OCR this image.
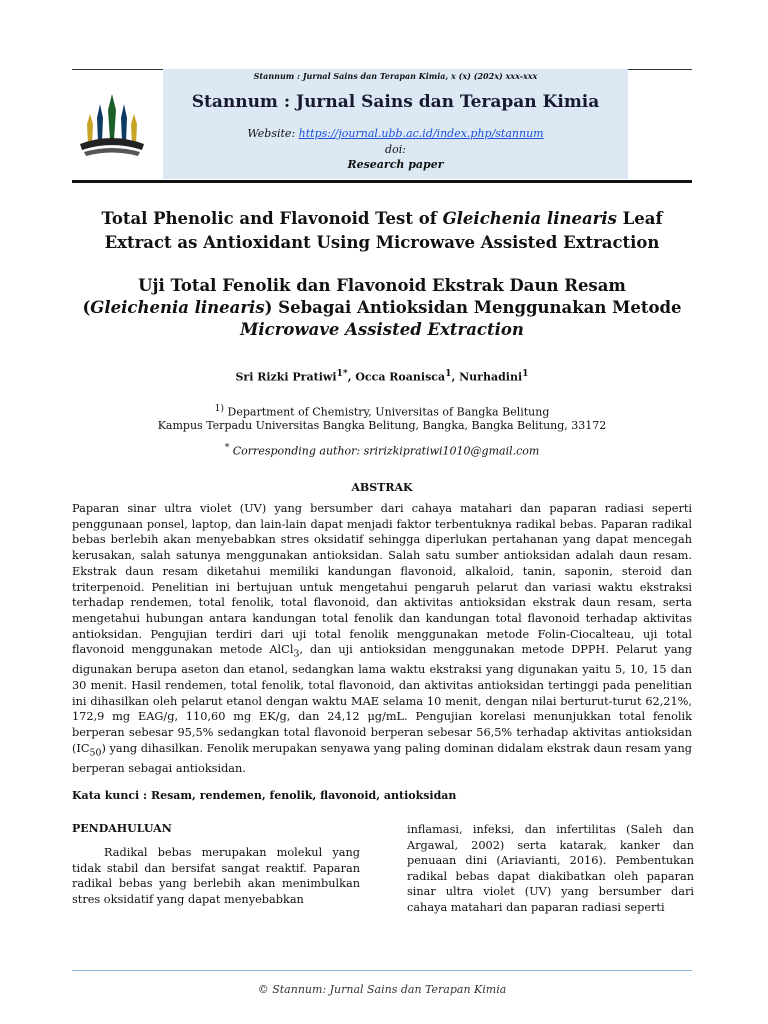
Stannum : Jurnal Sains dan Terapan Kimia, x (x) (202x) xxx-xxx
Stannum : Jurnal Sains dan Terapan Kimia
Website: https://journal.ubb.ac.id/index.php/stannum
doi:
Research paper
Total Phenolic and Flavonoid Test of Gleichenia linearis Leaf
Extract as Antioxidant Using Microwave Assisted Extraction
Uji Total Fenolik dan Flavonoid Ekstrak Daun Resam
(Gleichenia linearis) Sebagai Antioksidan Menggunakan Metode
Microwave Assisted Extraction
Sri Rizki Pratiwi$^{1*}$, Occa Roanisca$^1$, Nurhadini$^1$
$^{1)}$ Department of Chemistry, Universitas of Bangka Belitung
Kampus Terpadu Universitas Bangka Belitung, Bangka, Bangka Belitung, 33172
* Corresponding author: sririzkipratiwi1010@gmail.com
ABSTRAK
Paparan sinar ultra violet (UV) yang bersumber dari cahaya matahari dan paparan radiasi seperti penggunaan ponsel, laptop, dan lain-lain dapat menjadi faktor terbentuknya radikal bebas. Paparan radikal bebas berlebih akan menyebabkan stres oksidatif sehingga diperlukan pertahanan yang dapat mencegah kerusakan, salah satunya menggunakan antioksidan. Salah satu sumber antioksidan adalah daun resam. Ekstrak daun resam diketahui memiliki kandungan flavonoid, alkaloid, tanin, saponin, steroid dan triterpenoid. Penelitian ini bertujuan untuk mengetahui pengaruh pelarut dan variasi waktu ekstraksi terhadap rendemen, total fenolik, total flavonoid, dan aktivitas antioksidan ekstrak daun resam, serta mengetahui hubungan antara kandungan total fenolik dan kandungan total flavonoid terhadap aktivitas antioksidan. Pengujian terdiri dari uji total fenolik menggunakan metode Folin-Ciocalteau, uji total flavonoid menggunakan metode AlCl$_3$, dan uji antioksidan menggunakan metode DPPH. Pelarut yang digunakan berupa aseton dan etanol, sedangkan lama waktu ekstraksi yang digunakan yaitu 5, 10, 15 dan 30 menit. Hasil rendemen, total fenolik, total flavonoid, dan aktivitas antioksidan tertinggi pada penelitian ini dihasilkan oleh pelarut etanol dengan waktu MAE selama 10 menit, dengan nilai berturut-turut 62,21%, 172,9 mg EAG/g, 110,60 mg EK/g, dan 24,12 μg/mL. Pengujian korelasi menunjukkan total fenolik berperan sebesar 95,5% sedangkan total flavonoid berperan sebesar 56,5% terhadap aktivitas antioksidan $(IC_{50})$ yang dihasilkan. Fenolik merupakan senyawa yang paling dominan didalam ekstrak daun resam yang berperan sebagai antioksidan.
Kata kunci : Resam, rendemen, fenolik, flavonoid, antioksidan
PENDAHULUAN
Radikal bebas merupakan molekul yang tidak stabil dan bersifat sangat reaktif. Paparan radikal bebas yang berlebih akan menimbulkan stres oksidatif yang dapat menyebabkan
inflamasi, infeksi, dan infertilitas (Saleh dan Argawal, 2002) serta katarak, kanker dan penuaan dini (Ariavianti, 2016). Pembentukan radikal bebas dapat diakibatkan oleh paparan sinar ultra violet (UV) yang bersumber dari cahaya matahari dan paparan radiasi seperti
© Stannum: Jurnal Sains dan Terapan Kimia
